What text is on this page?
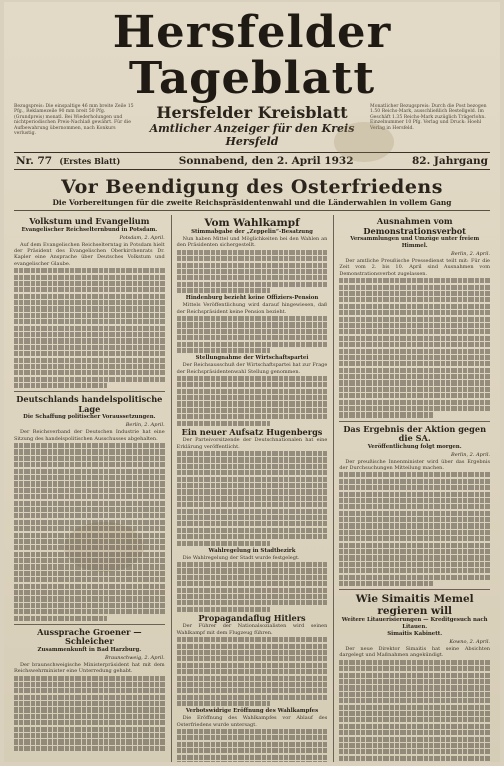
Hersfelder Tageblatt
Bezugspreis: Die einspaltige 46 mm breite Zeile 15 Pfg., Reklamezeile 90 mm breit 50 Pfg. (Grundpreis) monatl. Bei Wiederholungen und nichtperiodischen Preis-Nachlaß gewährt. Für die Aufbewahrung übernommen, nach Konkurs verlustig.
Hersfelder Kreisblatt
Amtlicher Anzeiger für den Kreis Hersfeld
Monatlicher Bezugspreis: Durch die Post bezogen 1.50 Reichs-Mark, ausschließlich Bestellgeld. Im Geschäft 1.35 Reichs-Mark zuzüglich Trägerlohn. Einzelnummer 10 Pfg. Verlag und Druck: Hoehl Verlag in Hersfeld.
Nr. 77 (Erstes Blatt)	Sonnabend, den 2. April 1932	82. Jahrgang
Vor Beendigung des Osterfriedens
Die Vorbereitungen für die zweite Reichspräsidentenwahl und die Länderwahlen in vollem Gang
Volkstum und Evangelium
Evangelischer Reichselternbund in Potsdam.
Potsdam, 2. April.

Auf dem Evangelischen Reichselterntag in Potsdam hielt der Präsident des Evangelischen Oberkirchenrats Dr. Kapler eine Ansprache über Deutsches Volkstum und evangelischer Glaube.

Deutschlands handelspolitische Lage
Die Schaffung politischer Voraussetzungen.
Berlin, 2. April.

Der Reichsverband der Deutschen Industrie hat eine Sitzung des handelspolitischen Ausschusses abgehalten.

Aussprache Groener — Schleicher
Zusammenkunft in Bad Harzburg.
Braunschweig, 2. April.

Der braunschweigische Ministerpräsident hat mit dem Reichswehrminister eine Unterredung gehabt.

Vom Wahlkampf
Stimmabgabe der „Zeppelin“-Besatzung

Nun haben Mittel und Möglichkeiten bei den Wahlen an den Präsidenten sichergestellt.

Hindenburg bezieht keine Offiziers-Pension

Mittels Veröffentlichung wird darauf hingewiesen, daß der Reichspräsident keine Pension bezieht.

Stellungnahme der Wirtschaftspartei

Der Reichsausschuß der Wirtschaftspartei hat zur Frage der Reichspräsidentenwahl Stellung genommen.

Ein neuer Aufsatz Hugenbergs

Der Parteivorsitzende der Deutschnationalen hat eine Erklärung veröffentlicht.

Wahlregelung in Stadtbezirk

Die Wahlregelung der Stadt wurde festgelegt.

Propagandaflug Hitlers

Der Führer der Nationalsozialisten wird seinen Wahlkampf mit dem Flugzeug führen.

Verbotswidrige Eröffnung des Wahlkampfes

Die Eröffnung des Wahlkampfes vor Ablauf des Osterfriedens wurde untersagt.

Ausnahmen vom Demonstrationsverbot
Versammlungen und Umzüge unter freiem Himmel.
Berlin, 2. April.

Der amtliche Preußische Pressedienst teilt mit: Für die Zeit vom 2. bis 10. April sind Ausnahmen vom Demonstrationsverbot zugelassen.

Das Ergebnis der Aktion gegen die SA.
Veröffentlichung folgt morgen.
Berlin, 2. April.

Der preußische Innenminister wird über das Ergebnis der Durchsuchungen Mitteilung machen.

Wie Simaitis Memel regieren will
Weitere Litauerisierungen — Kreditgesuch nach Litauen.
Simaitis Kabinett.
Kowno, 2. April.

Der neue Direktor Simaitis hat seine Absichten dargelegt und Maßnahmen angekündigt.
